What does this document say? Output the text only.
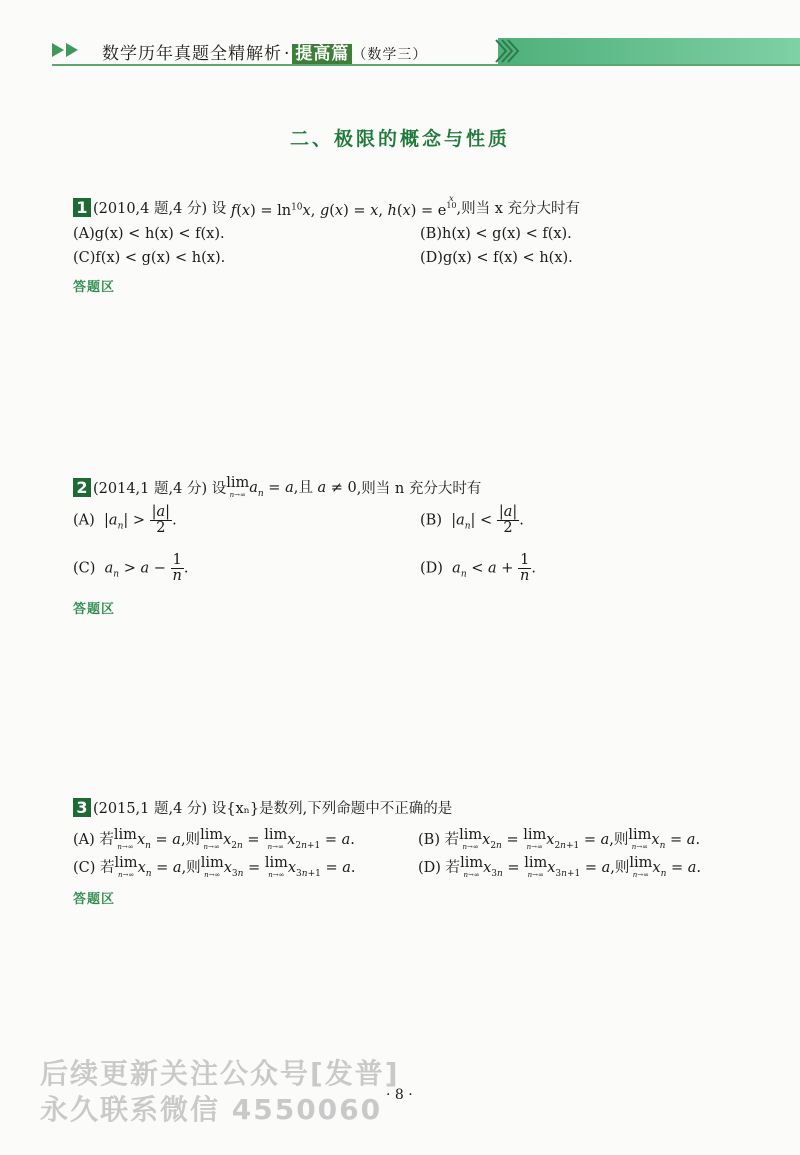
数学历年真题全精解析 · 提高篇 （数学三）
二、极限的概念与性质
1 (2010,4 题,4 分)
设
$f(x) = \ln^{10}x$, g(x) = x, h(x) = e
x
10 ,则当 x 充分大时有
(A)g(x) < h(x) < f(x).	(B)h(x) < g(x) < f(x).
(C)f(x) < g(x) < h(x).	(D)g(x) < f(x) < h(x).
答题区
2 (2014,1 题,4 分)
设 lim
n→∞ $a_n = a$,且 a ≠ 0 ,则当 n 充分大时有
(A)  $|a_n| > \frac{|a|}{2}$ .	(B)  $|a_n| < \frac{|a|}{2}$ .
(C) $a_n > a - \frac{1}{n}$ .	(D) $a_n < a + \frac{1}{n}$ .
答题区
3 (2015,1 题,4 分)
设{xₙ}是数列,下列命题中不正确的是
(A) 若 lim
n→∞ $x_n = a$,则 lim
n→∞ $x_{2n} = \lim$
n→∞ $x_{2n+1} = a$.	(B) 若 lim
n→∞ $x_{2n} = \lim$
n→∞ $x_{2n+1} = a$,则 lim
n→∞ $x_n = a$.
(C) 若 lim
n→∞ $x_n = a$,则 lim
n→∞ $x_{3n} = \lim$
n→∞ $x_{3n+1} = a$.	(D) 若 lim
n→∞ $x_{3n} = \lim$
n→∞ $x_{3n+1} = a$,则 lim
n→∞ $x_n = a$.
答题区
后续更新关注公众号[发普]
永久联系微信 4550060 · 8 ·
